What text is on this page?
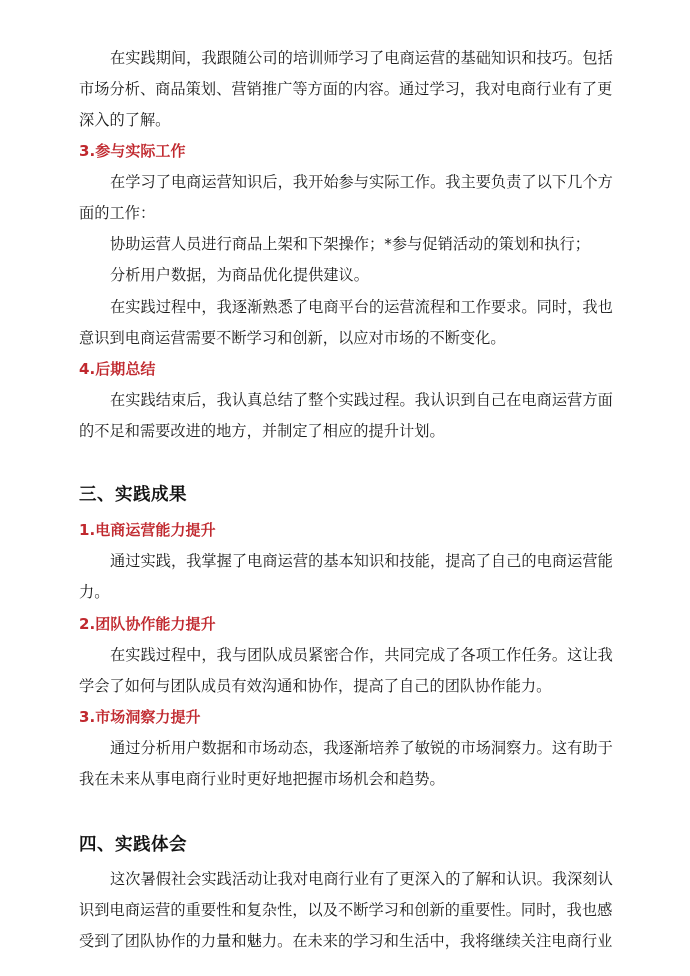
在实践期间，我跟随公司的培训师学习了电商运营的基础知识和技巧。包括
市场分析、商品策划、营销推广等方面的内容。通过学习，我对电商行业有了更
深入的了解。
3.参与实际工作
在学习了电商运营知识后，我开始参与实际工作。我主要负责了以下几个方
面的工作：
协助运营人员进行商品上架和下架操作；*参与促销活动的策划和执行；
分析用户数据，为商品优化提供建议。
在实践过程中，我逐渐熟悉了电商平台的运营流程和工作要求。同时，我也
意识到电商运营需要不断学习和创新，以应对市场的不断变化。
4.后期总结
在实践结束后，我认真总结了整个实践过程。我认识到自己在电商运营方面
的不足和需要改进的地方，并制定了相应的提升计划。
三、实践成果
1.电商运营能力提升
通过实践，我掌握了电商运营的基本知识和技能，提高了自己的电商运营能
力。
2.团队协作能力提升
在实践过程中，我与团队成员紧密合作，共同完成了各项工作任务。这让我
学会了如何与团队成员有效沟通和协作，提高了自己的团队协作能力。
3.市场洞察力提升
通过分析用户数据和市场动态，我逐渐培养了敏锐的市场洞察力。这有助于
我在未来从事电商行业时更好地把握市场机会和趋势。
四、实践体会
这次暑假社会实践活动让我对电商行业有了更深入的了解和认识。我深刻认
识到电商运营的重要性和复杂性，以及不断学习和创新的重要性。同时，我也感
受到了团队协作的力量和魅力。在未来的学习和生活中，我将继续关注电商行业
